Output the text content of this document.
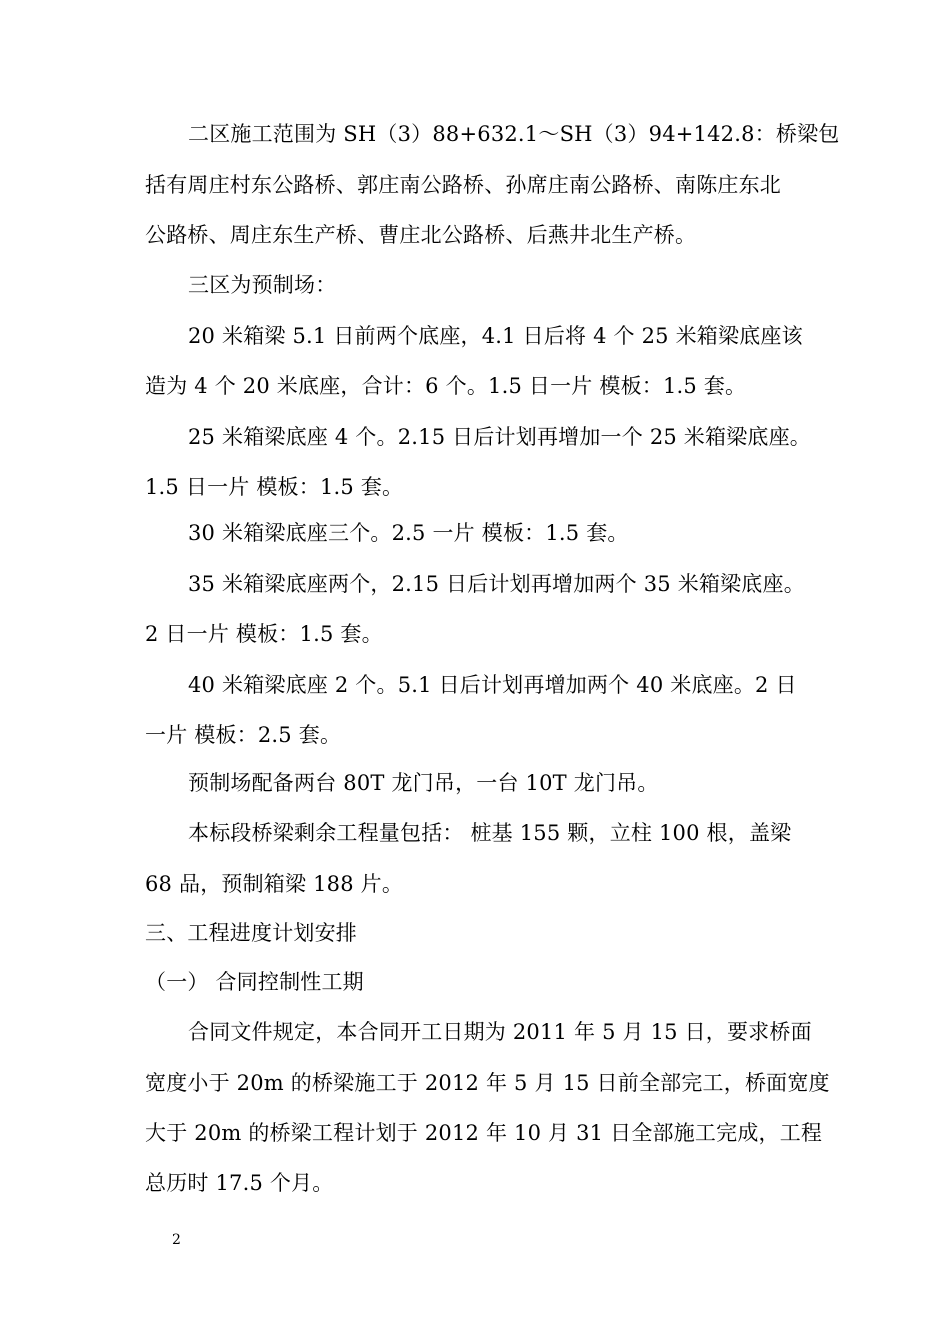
二区施工范围为 SH（3）88+632.1～SH（3）94+142.8：桥梁包
括有周庄村东公路桥、郭庄南公路桥、孙席庄南公路桥、南陈庄东北
公路桥、周庄东生产桥、曹庄北公路桥、后燕井北生产桥。
三区为预制场：
20 米箱梁 5.1 日前两个底座，4.1 日后将 4 个 25 米箱梁底座该
造为 4 个 20 米底座，合计：6 个。1.5 日一片 模板：1.5 套。
25 米箱梁底座 4 个。2.15 日后计划再增加一个 25 米箱梁底座。
1.5 日一片 模板：1.5 套。
30 米箱梁底座三个。2.5 一片 模板：1.5 套。
35 米箱梁底座两个，2.15 日后计划再增加两个 35 米箱梁底座。
2 日一片 模板：1.5 套。
40 米箱梁底座 2 个。5.1 日后计划再增加两个 40 米底座。2 日
一片 模板：2.5 套。
预制场配备两台 80T 龙门吊，一台 10T 龙门吊。
本标段桥梁剩余工程量包括： 桩基 155 颗，立柱 100 根，盖梁
68 品，预制箱梁 188 片。
三、工程进度计划安排
（一） 合同控制性工期
合同文件规定，本合同开工日期为 2011 年 5 月 15 日，要求桥面
宽度小于 20m 的桥梁施工于 2012 年 5 月 15 日前全部完工，桥面宽度
大于 20m 的桥梁工程计划于 2012 年 10 月 31 日全部施工完成，工程
总历时 17.5 个月。
2
